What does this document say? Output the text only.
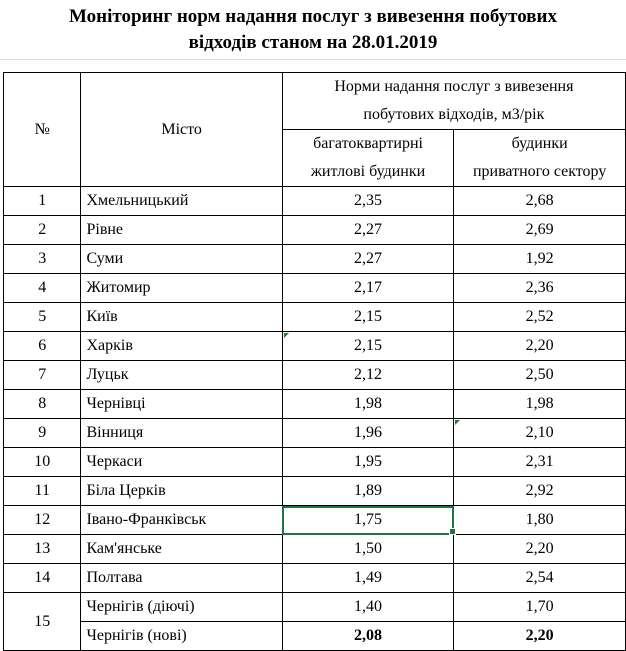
Моніторинг норм надання послуг з вивезення побутових
відходів станом на 28.01.2019
№	Місто	Норми надання послуг з вивезення	
		побутових відходів, м3/рік	
		багатоквартирні	будинки
		житлові будинки	приватного сектору
1	Хмельницький	2,35	2,68
2	Рівне	2,27	2,69
3	Суми	2,27	1,92
4	Житомир	2,17	2,36
5	Київ	2,15	2,52
6	Харків	2,15	2,20
7	Луцьк	2,12	2,50
8	Чернівці	1,98	1,98
9	Вінниця	1,96	2,10
10	Черкаси	1,95	2,31
11	Біла Церків	1,89	2,92
12	Івано-Франківськ	1,75	1,80
13	Кам'янське	1,50	2,20
14	Полтава	1,49	2,54
15	Чернігів (діючі)	1,40	1,70
	Чернігів (нові)	2,08	2,20
